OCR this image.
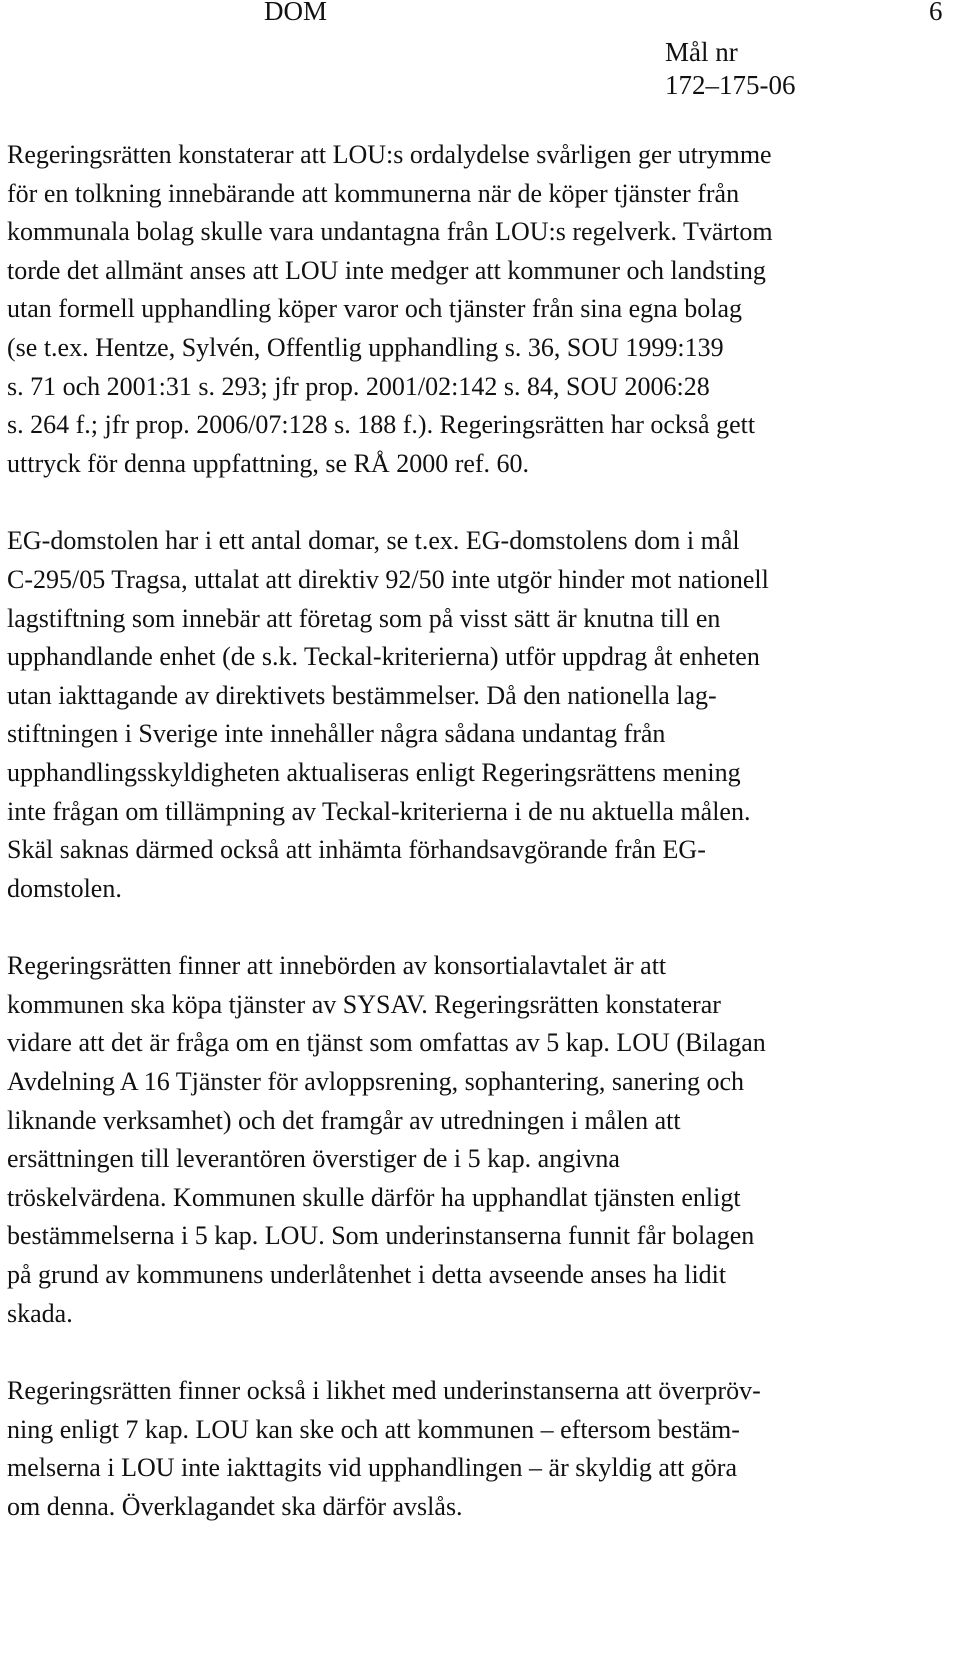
DOM
Mål nr
172–175-06
6
Regeringsrätten konstaterar att LOU:s ordalydelse svårligen ger utrymme
för en tolkning innebärande att kommunerna när de köper tjänster från
kommunala bolag skulle vara undantagna från LOU:s regelverk. Tvärtom
torde det allmänt anses att LOU inte medger att kommuner och landsting
utan formell upphandling köper varor och tjänster från sina egna bolag
(se t.ex. Hentze, Sylvén, Offentlig upphandling s. 36, SOU 1999:139
s. 71 och 2001:31 s. 293; jfr prop. 2001/02:142 s. 84, SOU 2006:28
s. 264 f.; jfr prop. 2006/07:128 s. 188 f.). Regeringsrätten har också gett
uttryck för denna uppfattning, se RÅ 2000 ref. 60.
EG-domstolen har i ett antal domar, se t.ex. EG-domstolens dom i mål
C-295/05 Tragsa, uttalat att direktiv 92/50 inte utgör hinder mot nationell
lagstiftning som innebär att företag som på visst sätt är knutna till en
upphandlande enhet (de s.k. Teckal-kriterierna) utför uppdrag åt enheten
utan iakttagande av direktivets bestämmelser. Då den nationella lag-
stiftningen i Sverige inte innehåller några sådana undantag från
upphandlingsskyldigheten aktualiseras enligt Regeringsrättens mening
inte frågan om tillämpning av Teckal-kriterierna i de nu aktuella målen.
Skäl saknas därmed också att inhämta förhandsavgörande från EG-
domstolen.
Regeringsrätten finner att innebörden av konsortialavtalet är att
kommunen ska köpa tjänster av SYSAV. Regeringsrätten konstaterar
vidare att det är fråga om en tjänst som omfattas av 5 kap. LOU (Bilagan
Avdelning A 16 Tjänster för avloppsrening, sophantering, sanering och
liknande verksamhet) och det framgår av utredningen i målen att
ersättningen till leverantören överstiger de i 5 kap. angivna
tröskelvärdena. Kommunen skulle därför ha upphandlat tjänsten enligt
bestämmelserna i 5 kap. LOU. Som underinstanserna funnit får bolagen
på grund av kommunens underlåtenhet i detta avseende anses ha lidit
skada.
Regeringsrätten finner också i likhet med underinstanserna att överpröv-
ning enligt 7 kap. LOU kan ske och att kommunen – eftersom bestäm-
melserna i LOU inte iakttagits vid upphandlingen – är skyldig att göra
om denna. Överklagandet ska därför avslås.
